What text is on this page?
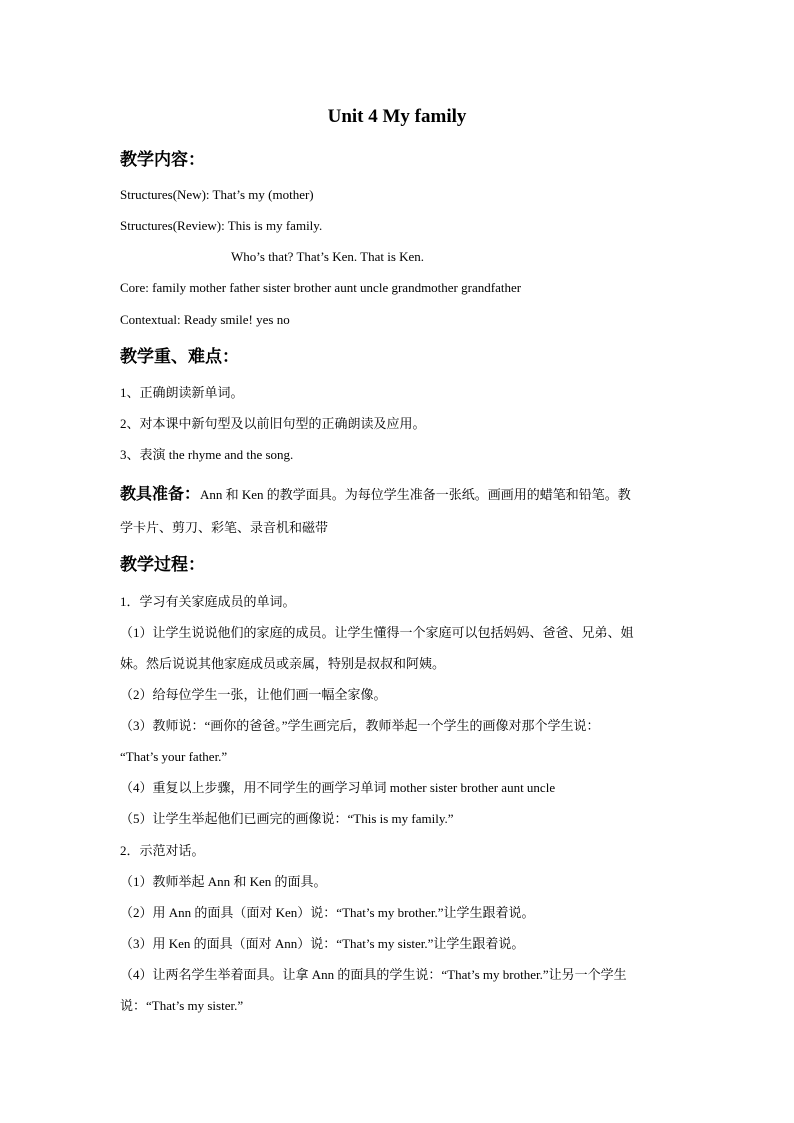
Unit 4 My family
教学内容：
Structures(New): That’s my (mother)
Structures(Review): This is my family.
Who’s that? That’s Ken. That is Ken.
Core: family mother father sister brother aunt uncle grandmother grandfather
Contextual: Ready smile! yes no
教学重、难点：
1、正确朗读新单词。
2、对本课中新句型及以前旧句型的正确朗读及应用。
3、表演 the rhyme and the song.
教具准备：Ann 和 Ken 的教学面具。为每位学生准备一张纸。画画用的蜡笔和铅笔。教
学卡片、剪刀、彩笔、录音机和磁带
教学过程：
1．学习有关家庭成员的单词。
（1）让学生说说他们的家庭的成员。让学生懂得一个家庭可以包括妈妈、爸爸、兄弟、姐
妹。然后说说其他家庭成员或亲属，特别是叔叔和阿姨。
（2）给每位学生一张，让他们画一幅全家像。
（3）教师说：“画你的爸爸。”学生画完后，教师举起一个学生的画像对那个学生说：
“That’s your father.”
（4）重复以上步骤，用不同学生的画学习单词 mother sister brother aunt uncle
（5）让学生举起他们已画完的画像说：“This is my family.”
2．示范对话。
（1）教师举起 Ann 和 Ken 的面具。
（2）用 Ann 的面具（面对 Ken）说：“That’s my brother.”让学生跟着说。
（3）用 Ken 的面具（面对 Ann）说：“That’s my sister.”让学生跟着说。
（4）让两名学生举着面具。让拿 Ann 的面具的学生说：“That’s my brother.”让另一个学生
说：“That’s my sister.”
